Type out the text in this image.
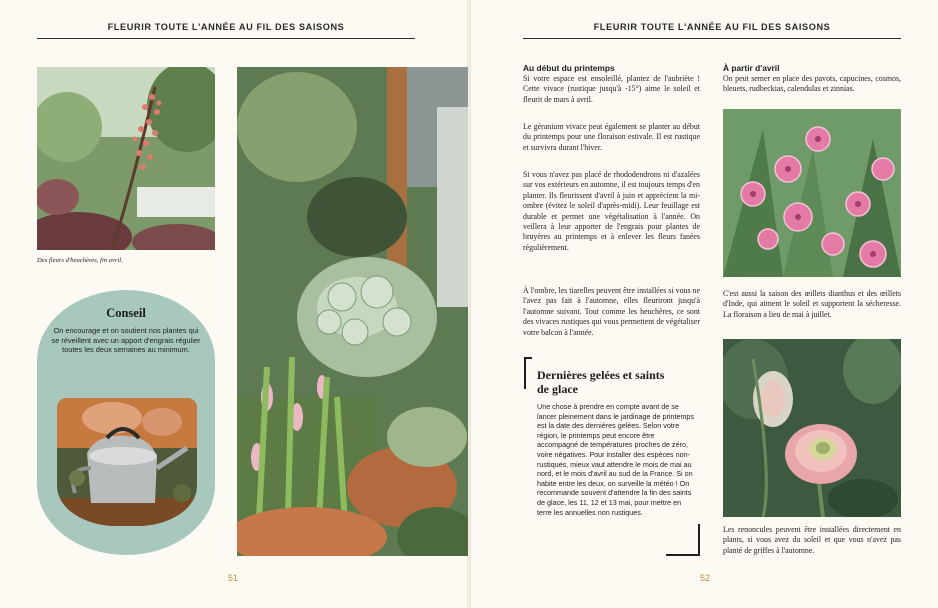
FLEURIR TOUTE L'ANNÉE AU FIL DES SAISONS
Des fleurs d'heuchères, fin avril.
Conseil
On encourage et on soutient nos plantes qui se réveillent avec un apport d'engrais régulier toutes les deux semaines au minimum.
51
FLEURIR TOUTE L'ANNÉE AU FIL DES SAISONS
Au début du printemps

Si votre espace est ensoleillé, plantez de l'aubriète ! Cette vivace (rustique jusqu'à -15°) aime le soleil et fleurit de mars à avril.

Le géranium vivace peut également se planter au début du printemps pour une floraison estivale. Il est rustique et survivra durant l'hiver.

Si vous n'avez pas placé de rhododendrons ni d'azalées sur vos extérieurs en automne, il est toujours temps d'en planter. Ils fleurissent d'avril à juin et apprécient la mi-ombre (évitez le soleil d'après-midi). Leur feuillage est durable et permet une végétalisation à l'année. On veillera à leur apporter de l'engrais pour plantes de bruyères au printemps et à enlever les fleurs fanées régulièrement.

À l'ombre, les tiarelles peuvent être installées si vous ne l'avez pas fait à l'automne, elles fleuriront jusqu'à l'automne suivant. Tout comme les heuchères, ce sont des vivaces rustiques qui vous permettent de végétaliser votre balcon à l'année.

Dernières gelées et saints de glace
Une chose à prendre en compte avant de se lancer pleinement dans le jardinage de printemps est la date des dernières gelées. Selon votre région, le printemps peut encore être accompagné de températures proches de zéro, voire négatives. Pour installer des espèces non-rustiques, mieux vaut attendre le mois de mai au nord, et le mois d'avril au sud de la France. Si on habite entre les deux, on surveille la météo ! On recommande souvent d'attendre la fin des saints de glace, les 11, 12 et 13 mai, pour mettre en terre les annuelles non rustiques.
À partir d'avril

On peut semer en place des pavots, capucines, cosmos, bleuets, rudbeckias, calendulas et zinnias.

C'est aussi la saison des œillets dianthus et des œillets d'Inde, qui aiment le soleil et supportent la sécheresse. La floraison a lieu de mai à juillet.

Les renoncules peuvent être installées directement en plants, si vous avez du soleil et que vous n'avez pas planté de griffes à l'automne.

52
